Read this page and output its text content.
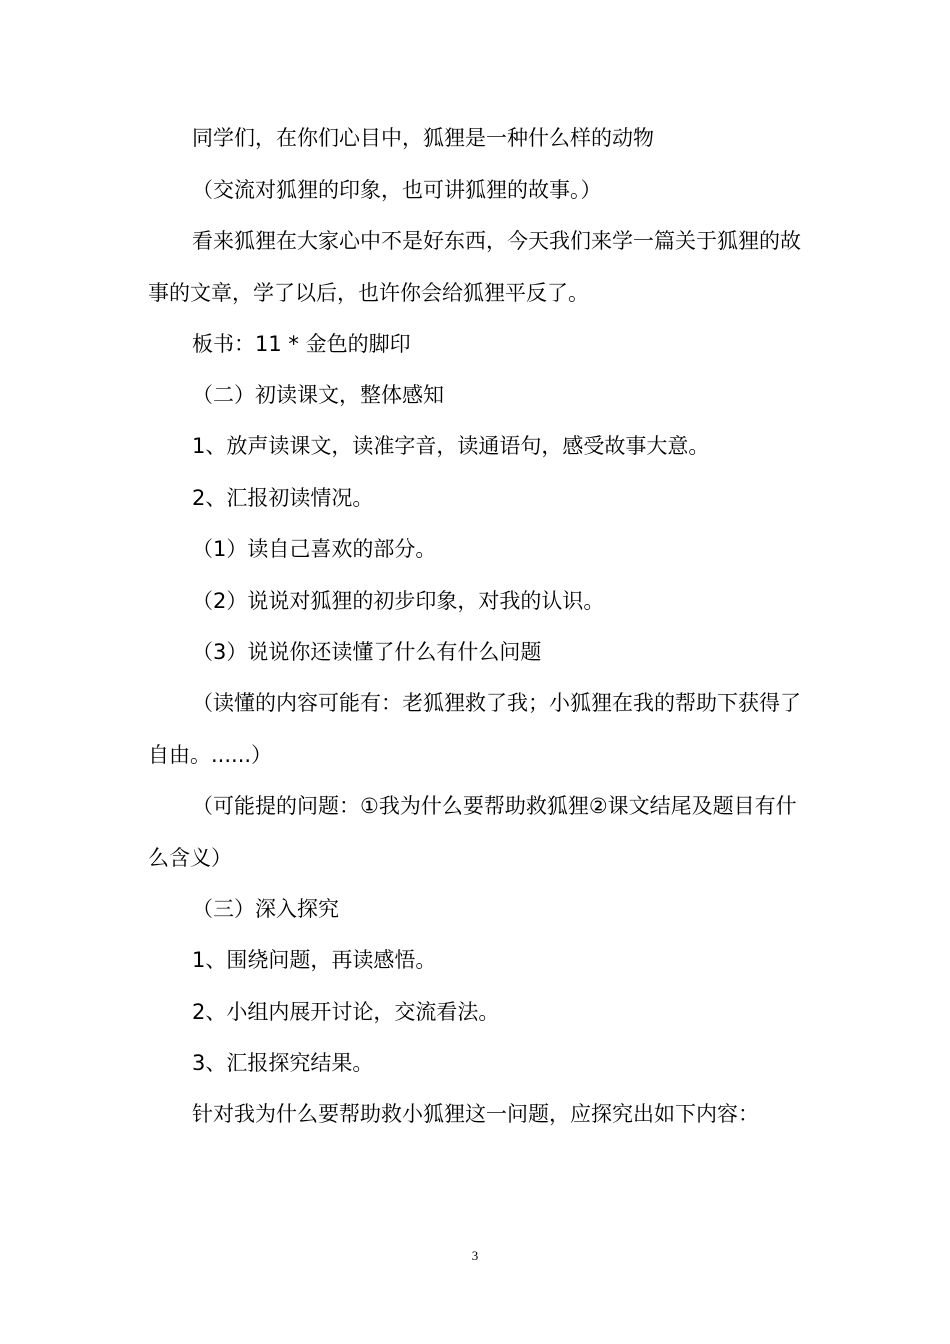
同学们，在你们心目中，狐狸是一种什么样的动物

（交流对狐狸的印象，也可讲狐狸的故事。）

看来狐狸在大家心中不是好东西，今天我们来学一篇关于狐狸的故事的文章，学了以后，也许你会给狐狸平反了。

板书：11 * 金色的脚印

（二）初读课文，整体感知

1、放声读课文，读准字音，读通语句，感受故事大意。

2、汇报初读情况。

（1）读自己喜欢的部分。

（2）说说对狐狸的初步印象，对我的认识。

（3）说说你还读懂了什么有什么问题

（读懂的内容可能有：老狐狸救了我；小狐狸在我的帮助下获得了自由。......）

（可能提的问题：①我为什么要帮助救狐狸②课文结尾及题目有什么含义）

（三）深入探究

1、围绕问题，再读感悟。

2、小组内展开讨论，交流看法。

3、汇报探究结果。

针对我为什么要帮助救小狐狸这一问题，应探究出如下内容：

3
